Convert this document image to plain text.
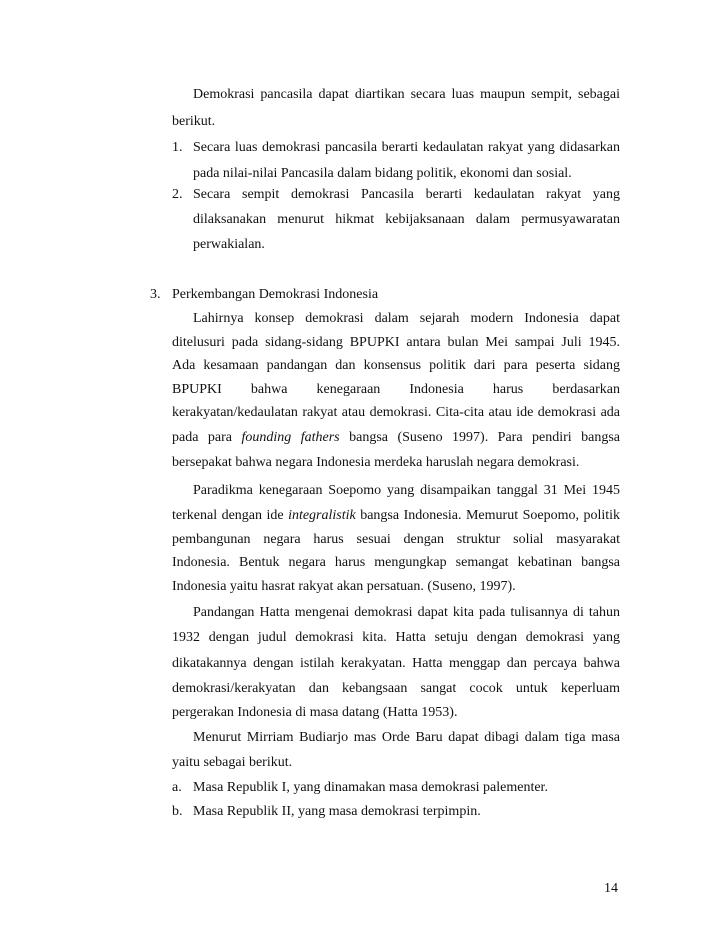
Demokrasi pancasila dapat diartikan secara luas maupun sempit, sebagai
berikut.
1. Secara luas demokrasi pancasila berarti kedaulatan rakyat yang didasarkan
pada nilai-nilai Pancasila dalam bidang politik, ekonomi dan sosial.
2. Secara sempit demokrasi Pancasila berarti kedaulatan rakyat yang
dilaksanakan menurut hikmat kebijaksanaan dalam permusyawaratan
perwakialan.
3. Perkembangan Demokrasi Indonesia
Lahirnya konsep demokrasi dalam sejarah modern Indonesia dapat
ditelusuri pada sidang-sidang BPUPKI antara bulan Mei sampai Juli 1945.
Ada kesamaan pandangan dan konsensus politik dari para peserta sidang
BPUPKI bahwa kenegaraan Indonesia harus berdasarkan
kerakyatan/kedaulatan rakyat atau demokrasi. Cita-cita atau ide demokrasi ada
pada para founding fathers bangsa (Suseno 1997). Para pendiri bangsa
bersepakat bahwa negara Indonesia merdeka haruslah negara demokrasi.
Paradikma kenegaraan Soepomo yang disampaikan tanggal 31 Mei 1945
terkenal dengan ide integralistik bangsa Indonesia. Memurut Soepomo, politik
pembangunan negara harus sesuai dengan struktur solial masyarakat
Indonesia. Bentuk negara harus mengungkap semangat kebatinan bangsa
Indonesia yaitu hasrat rakyat akan persatuan. (Suseno, 1997).
Pandangan Hatta mengenai demokrasi dapat kita pada tulisannya di tahun
1932 dengan judul demokrasi kita. Hatta setuju dengan demokrasi yang
dikatakannya dengan istilah kerakyatan. Hatta menggap dan percaya bahwa
demokrasi/kerakyatan dan kebangsaan sangat cocok untuk keperluam
pergerakan Indonesia di masa datang (Hatta 1953).
Menurut Mirriam Budiarjo mas Orde Baru dapat dibagi dalam tiga masa
yaitu sebagai berikut.
a. Masa Republik I, yang dinamakan masa demokrasi palementer.
b. Masa Republik II, yang masa demokrasi terpimpin.
14
